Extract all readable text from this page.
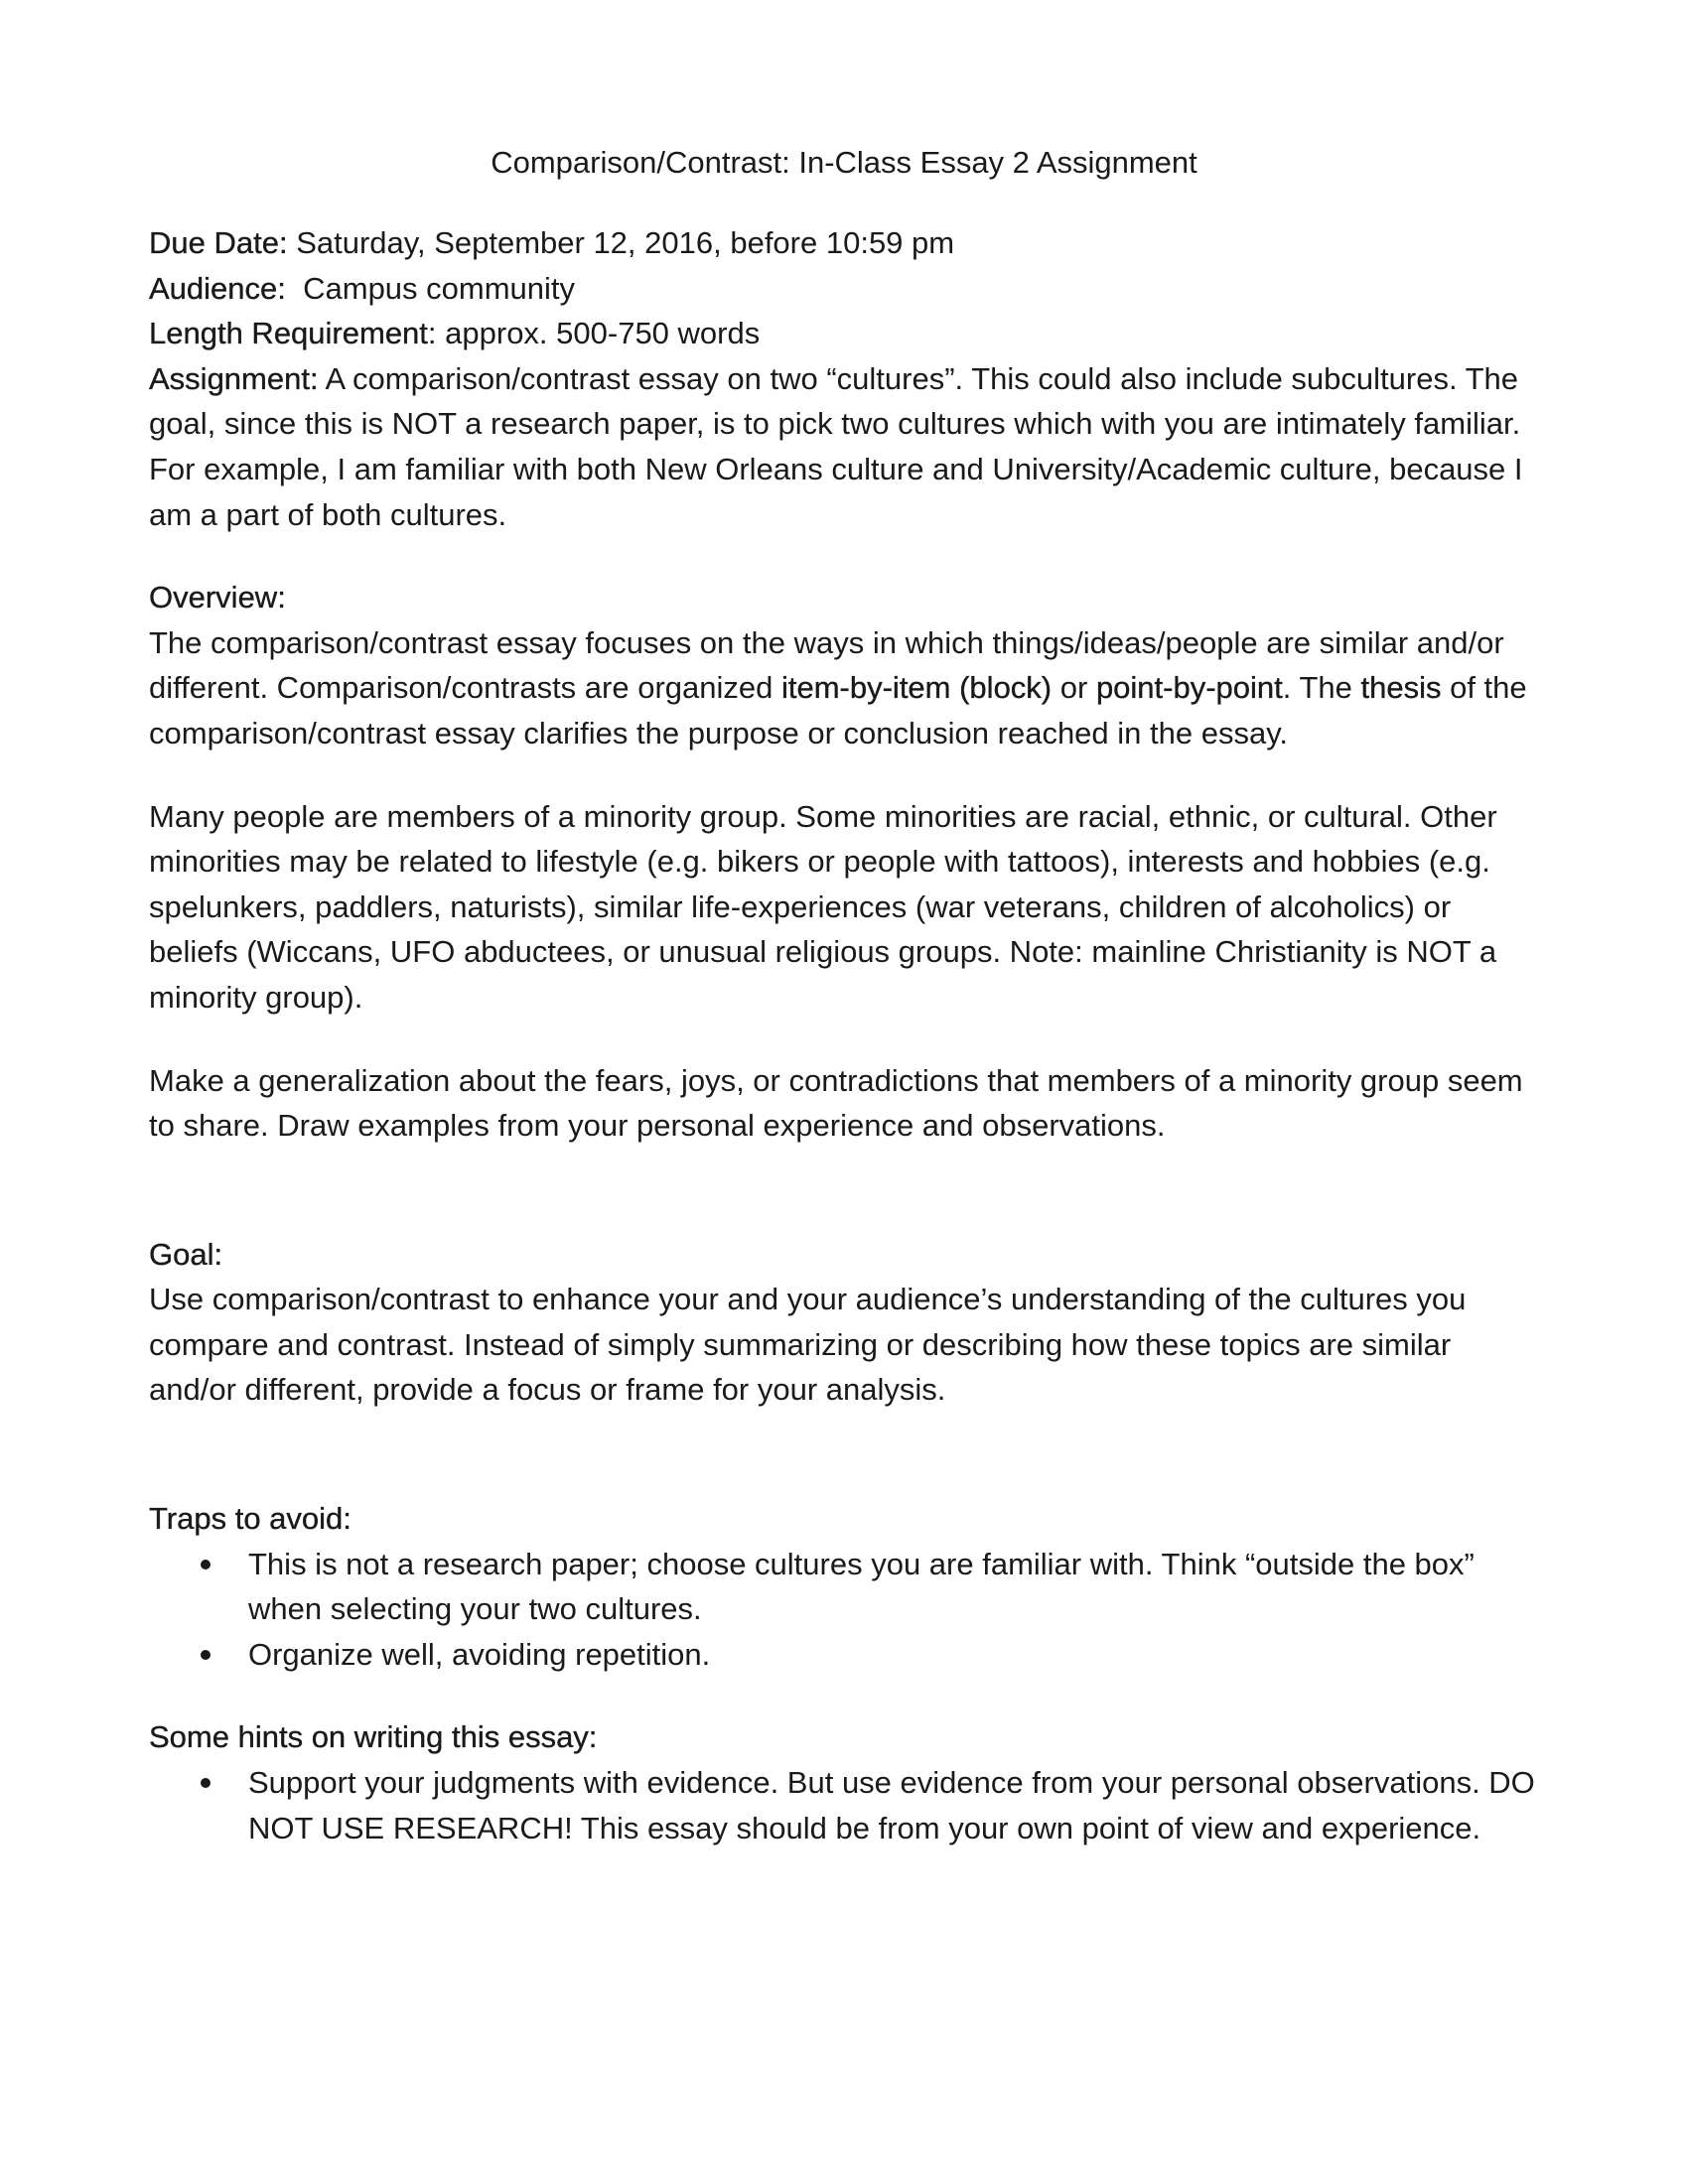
Comparison/Contrast: In-Class Essay 2 Assignment

Due Date: Saturday, September 12, 2016, before 10:59 pm

Audience:  Campus community

Length Requirement: approx. 500-750 words

Assignment: A comparison/contrast essay on two “cultures”. This could also include subcultures. The goal, since this is NOT a research paper, is to pick two cultures which with you are intimately familiar. For example, I am familiar with both New Orleans culture and University/Academic culture, because I am a part of both cultures.

Overview:

The comparison/contrast essay focuses on the ways in which things/ideas/people are similar and/or different. Comparison/contrasts are organized item-by-item (block) or point-by-point. The thesis of the comparison/contrast essay clarifies the purpose or conclusion reached in the essay.

Many people are members of a minority group. Some minorities are racial, ethnic, or cultural. Other minorities may be related to lifestyle (e.g. bikers or people with tattoos), interests and hobbies (e.g. spelunkers, paddlers, naturists), similar life-experiences (war veterans, children of alcoholics) or beliefs (Wiccans, UFO abductees, or unusual religious groups. Note: mainline Christianity is NOT a minority group).

Make a generalization about the fears, joys, or contradictions that members of a minority group seem to share. Draw examples from your personal experience and observations.

Goal:

Use comparison/contrast to enhance your and your audience’s understanding of the cultures you compare and contrast. Instead of simply summarizing or describing how these topics are similar and/or different, provide a focus or frame for your analysis.

Traps to avoid:
This is not a research paper; choose cultures you are familiar with. Think “outside the box” when selecting your two cultures.
Organize well, avoiding repetition.
Some hints on writing this essay:
Support your judgments with evidence. But use evidence from your personal observations. DO NOT USE RESEARCH! This essay should be from your own point of view and experience.
